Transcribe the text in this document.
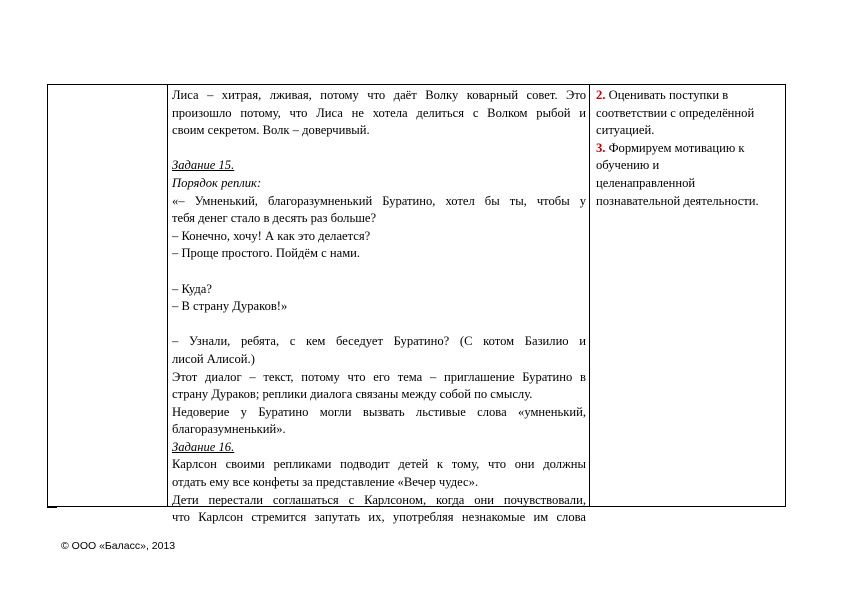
Лиса – хитрая, лживая, потому что даёт Волку коварный совет. Это
произошло потому, что Лиса не хотела делиться с Волком рыбой и
своим секретом. Волк – доверчивый.
Задание 15.
Порядок реплик:
«– Умненький, благоразумненький Буратино, хотел бы ты, чтобы у
тебя денег стало в десять раз больше?
– Конечно, хочу! А как это делается?
– Проще простого. Пойдём с нами.
– Куда?
– В страну Дураков!»
– Узнали, ребята, с кем беседует Буратино? (С котом Базилио и
лисой Алисой.)
Этот диалог – текст, потому что его тема – приглашение Буратино в
страну Дураков; реплики диалога связаны между собой по смыслу.
Недоверие у Буратино могли вызвать льстивые слова «умненький,
благоразумненький».
Задание 16.
Карлсон своими репликами подводит детей к тому, что они должны
отдать ему все конфеты за представление «Вечер чудес».
Дети перестали соглашаться с Карлсоном, когда они почувствовали,
что Карлсон стремится запутать их, употребляя незнакомые им слова

2. Оценивать поступки в

соответствии с определённой

ситуацией.

3. Формируем мотивацию к

обучению и

целенаправленной

познавательной деятельности.

© ООО «Баласс», 2013
